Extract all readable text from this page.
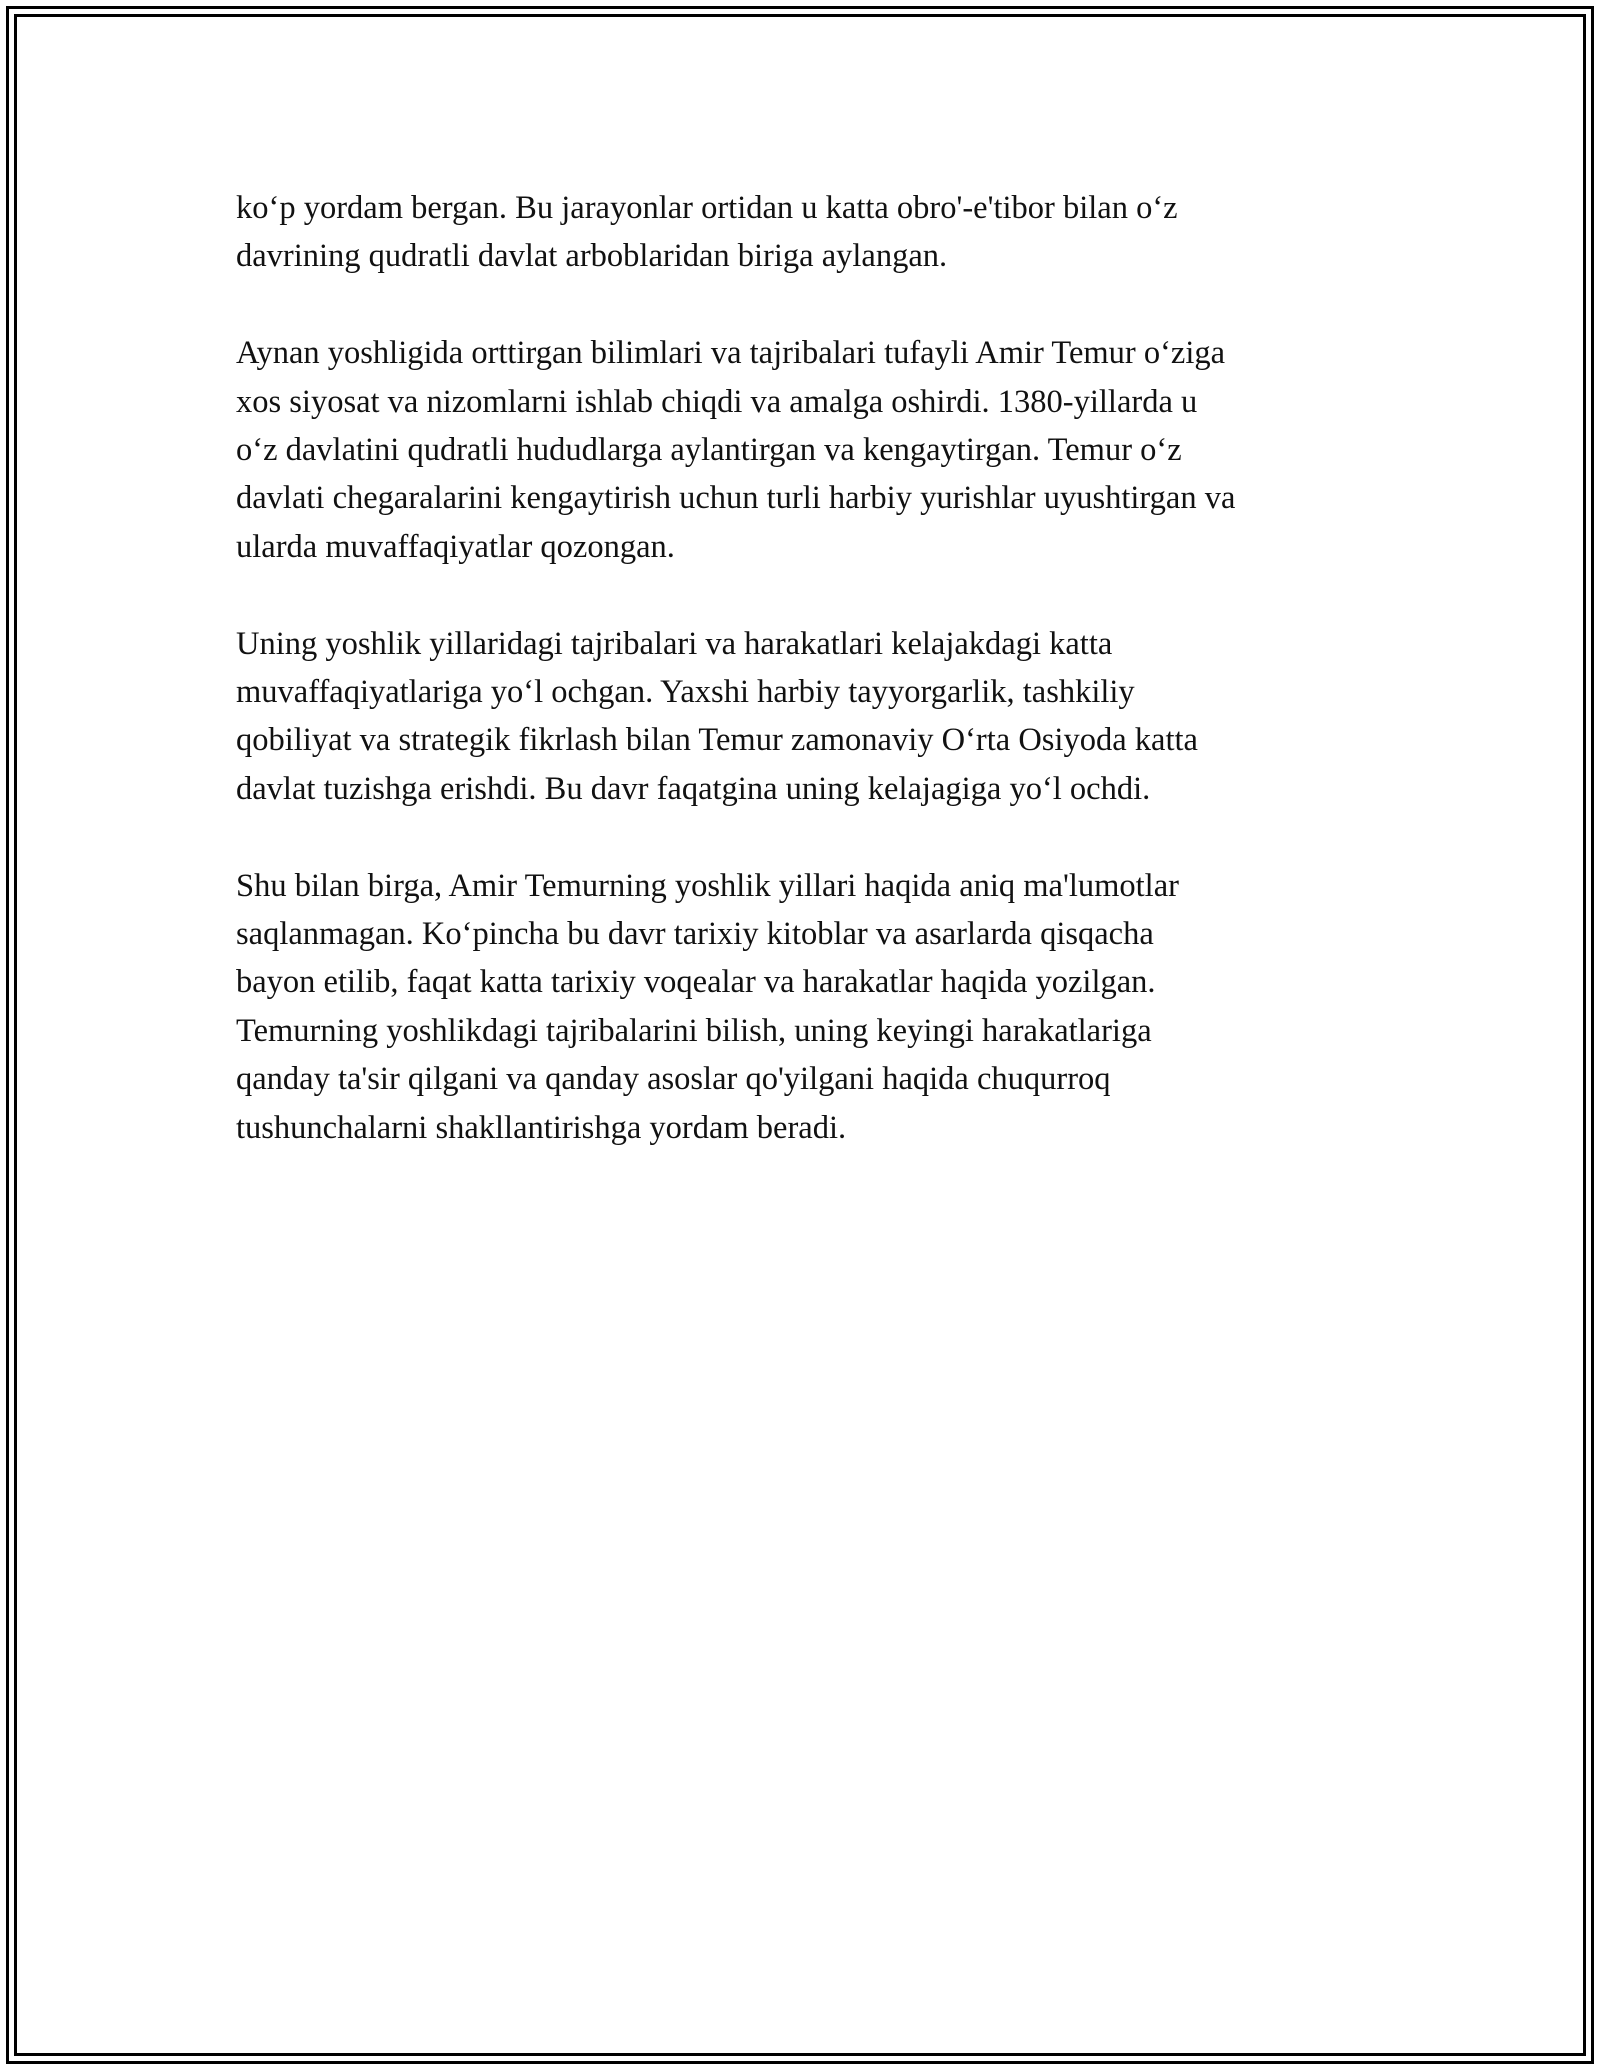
ko‘p yordam bergan. Bu jarayonlar ortidan u katta obro'-e'tibor bilan o‘z
davrining qudratli davlat arboblaridan biriga aylangan.

Aynan yoshligida orttirgan bilimlari va tajribalari tufayli Amir Temur o‘ziga
xos siyosat va nizomlarni ishlab chiqdi va amalga oshirdi. 1380-yillarda u
o‘z davlatini qudratli hududlarga aylantirgan va kengaytirgan. Temur o‘z
davlati chegaralarini kengaytirish uchun turli harbiy yurishlar uyushtirgan va
ularda muvaffaqiyatlar qozongan.

Uning yoshlik yillaridagi tajribalari va harakatlari kelajakdagi katta
muvaffaqiyatlariga yo‘l ochgan. Yaxshi harbiy tayyorgarlik, tashkiliy
qobiliyat va strategik fikrlash bilan Temur zamonaviy O‘rta Osiyoda katta
davlat tuzishga erishdi. Bu davr faqatgina uning kelajagiga yo‘l ochdi.

Shu bilan birga, Amir Temurning yoshlik yillari haqida aniq ma'lumotlar
saqlanmagan. Ko‘pincha bu davr tarixiy kitoblar va asarlarda qisqacha
bayon etilib, faqat katta tarixiy voqealar va harakatlar haqida yozilgan.
Temurning yoshlikdagi tajribalarini bilish, uning keyingi harakatlariga
qanday ta'sir qilgani va qanday asoslar qo'yilgani haqida chuqurroq
tushunchalarni shakllantirishga yordam beradi.
